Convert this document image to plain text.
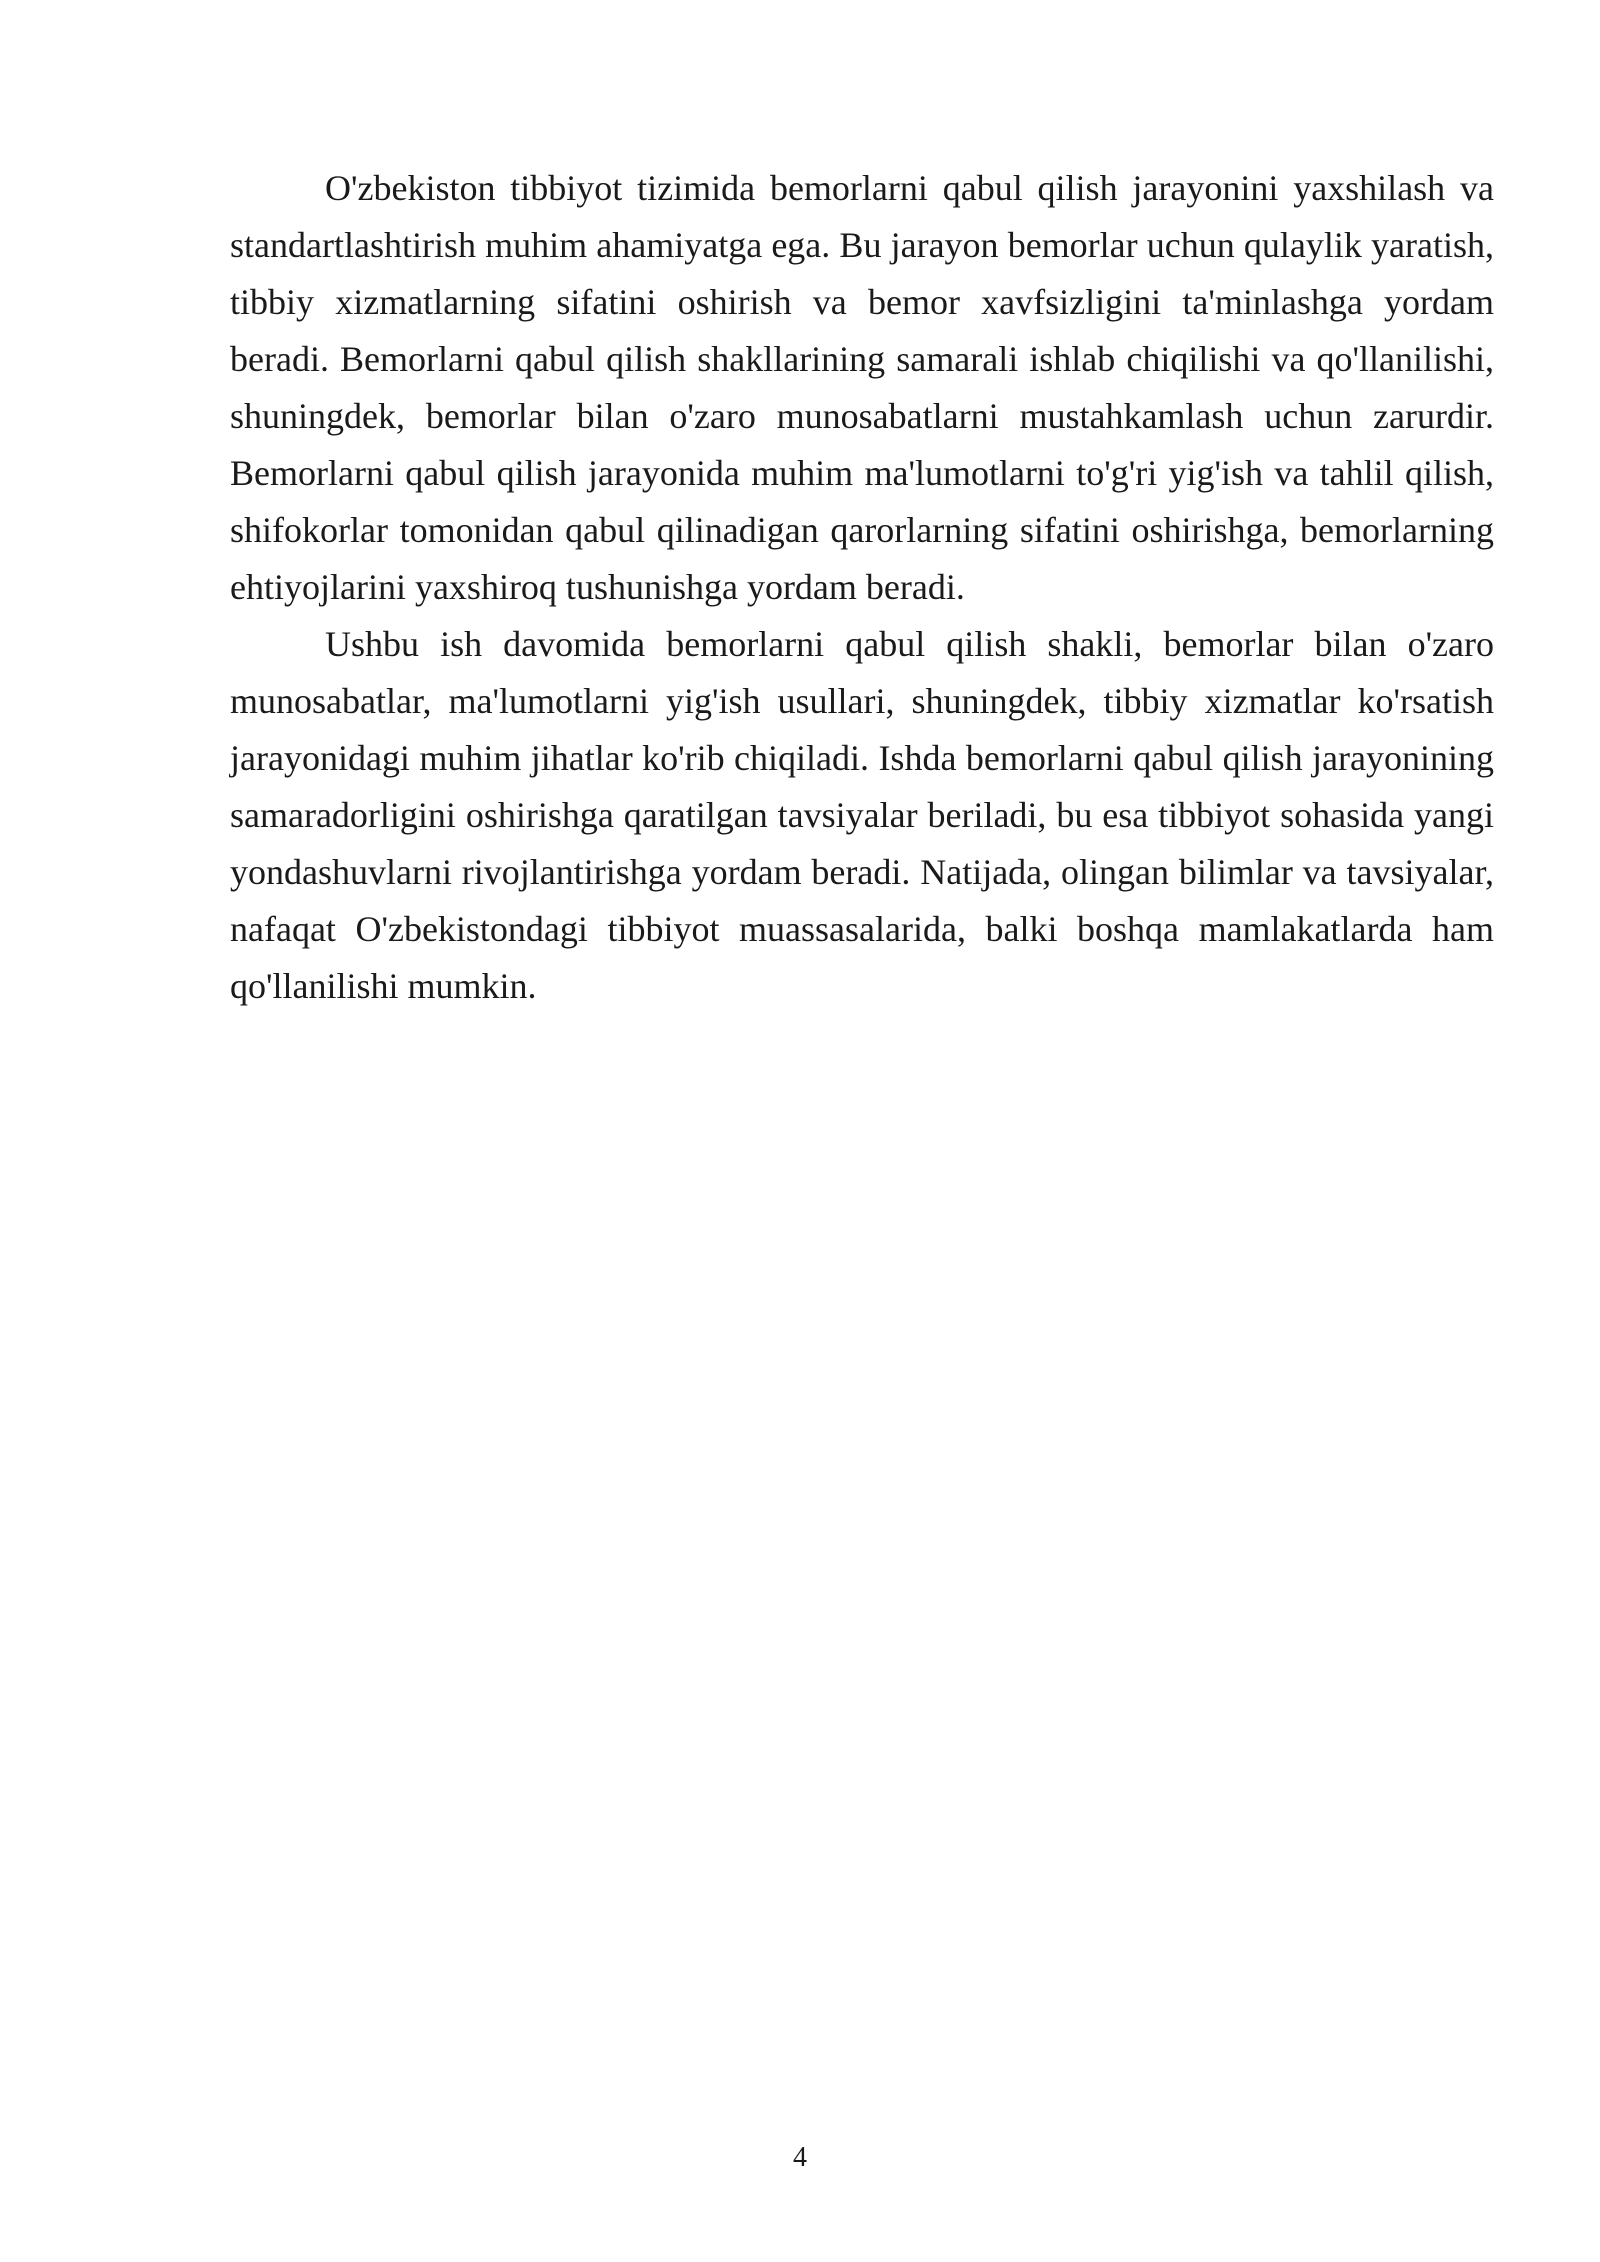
O'zbekiston tibbiyot tizimida bemorlarni qabul qilish jarayonini yaxshilash va standartlashtirish muhim ahamiyatga ega. Bu jarayon bemorlar uchun qulaylik yaratish, tibbiy xizmatlarning sifatini oshirish va bemor xavfsizligini ta'minlashga yordam beradi. Bemorlarni qabul qilish shakllarining samarali ishlab chiqilishi va qo'llanilishi, shuningdek, bemorlar bilan o'zaro munosabatlarni mustahkamlash uchun zarurdir. Bemorlarni qabul qilish jarayonida muhim ma'lumotlarni to'g'ri yig'ish va tahlil qilish, shifokorlar tomonidan qabul qilinadigan qarorlarning sifatini oshirishga, bemorlarning ehtiyojlarini yaxshiroq tushunishga yordam beradi.

Ushbu ish davomida bemorlarni qabul qilish shakli, bemorlar bilan o'zaro munosabatlar, ma'lumotlarni yig'ish usullari, shuningdek, tibbiy xizmatlar ko'rsatish jarayonidagi muhim jihatlar ko'rib chiqiladi. Ishda bemorlarni qabul qilish jarayonining samaradorligini oshirishga qaratilgan tavsiyalar beriladi, bu esa tibbiyot sohasida yangi yondashuvlarni rivojlantirishga yordam beradi. Natijada, olingan bilimlar va tavsiyalar, nafaqat O'zbekistondagi tibbiyot muassasalarida, balki boshqa mamlakatlarda ham qo'llanilishi mumkin.

4
